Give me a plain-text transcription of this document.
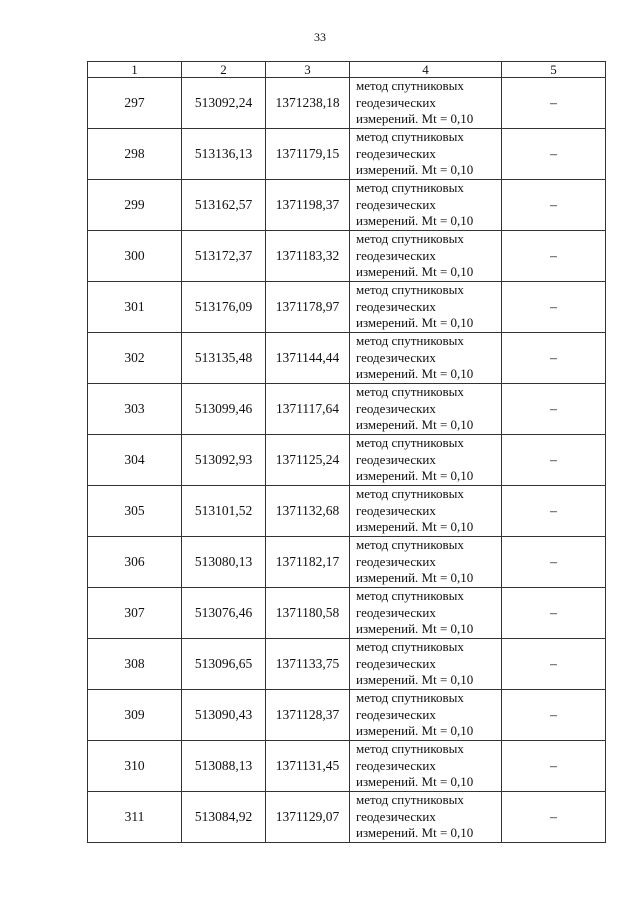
33
1	2	3	4	5
297	513092,24	1371238,18	метод спутниковых
геодезических
измерений. Mt = 0,10	–
298	513136,13	1371179,15	метод спутниковых
геодезических
измерений. Mt = 0,10	–
299	513162,57	1371198,37	метод спутниковых
геодезических
измерений. Mt = 0,10	–
300	513172,37	1371183,32	метод спутниковых
геодезических
измерений. Mt = 0,10	–
301	513176,09	1371178,97	метод спутниковых
геодезических
измерений. Mt = 0,10	–
302	513135,48	1371144,44	метод спутниковых
геодезических
измерений. Mt = 0,10	–
303	513099,46	1371117,64	метод спутниковых
геодезических
измерений. Mt = 0,10	–
304	513092,93	1371125,24	метод спутниковых
геодезических
измерений. Mt = 0,10	–
305	513101,52	1371132,68	метод спутниковых
геодезических
измерений. Mt = 0,10	–
306	513080,13	1371182,17	метод спутниковых
геодезических
измерений. Mt = 0,10	–
307	513076,46	1371180,58	метод спутниковых
геодезических
измерений. Mt = 0,10	–
308	513096,65	1371133,75	метод спутниковых
геодезических
измерений. Mt = 0,10	–
309	513090,43	1371128,37	метод спутниковых
геодезических
измерений. Mt = 0,10	–
310	513088,13	1371131,45	метод спутниковых
геодезических
измерений. Mt = 0,10	–
311	513084,92	1371129,07	метод спутниковых
геодезических
измерений. Mt = 0,10	–
